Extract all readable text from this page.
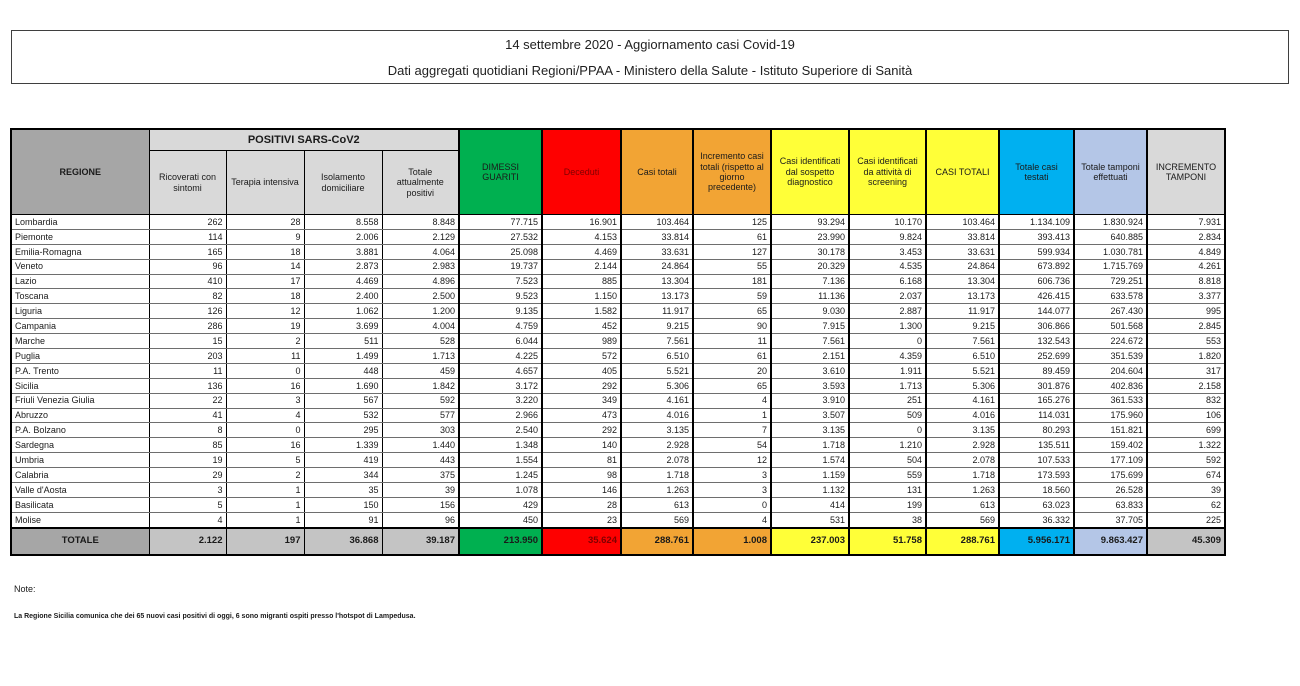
14 settembre 2020 - Aggiornamento casi Covid-19
Dati aggregati quotidiani Regioni/PPAA - Ministero della Salute - Istituto Superiore di Sanità
REGIONE	POSITIVI SARS-CoV2				DIMESSI GUARITI	Deceduti	Casi totali	Incremento casi totali (rispetto al giorno precedente)	Casi identificati dal sospetto diagnostico	Casi identificati da attività di screening	CASI TOTALI	Totale casi testati	Totale tamponi effettuati	INCREMENTO TAMPONI
	Ricoverati con sintomi	Terapia intensiva	Isolamento domiciliare	Totale attualmente positivi										
Lombardia	262	28	8.558	8.848	77.715	16.901	103.464	125	93.294	10.170	103.464	1.134.109	1.830.924	7.931
Piemonte	114	9	2.006	2.129	27.532	4.153	33.814	61	23.990	9.824	33.814	393.413	640.885	2.834
Emilia-Romagna	165	18	3.881	4.064	25.098	4.469	33.631	127	30.178	3.453	33.631	599.934	1.030.781	4.849
Veneto	96	14	2.873	2.983	19.737	2.144	24.864	55	20.329	4.535	24.864	673.892	1.715.769	4.261
Lazio	410	17	4.469	4.896	7.523	885	13.304	181	7.136	6.168	13.304	606.736	729.251	8.818
Toscana	82	18	2.400	2.500	9.523	1.150	13.173	59	11.136	2.037	13.173	426.415	633.578	3.377
Liguria	126	12	1.062	1.200	9.135	1.582	11.917	65	9.030	2.887	11.917	144.077	267.430	995
Campania	286	19	3.699	4.004	4.759	452	9.215	90	7.915	1.300	9.215	306.866	501.568	2.845
Marche	15	2	511	528	6.044	989	7.561	11	7.561	0	7.561	132.543	224.672	553
Puglia	203	11	1.499	1.713	4.225	572	6.510	61	2.151	4.359	6.510	252.699	351.539	1.820
P.A. Trento	11	0	448	459	4.657	405	5.521	20	3.610	1.911	5.521	89.459	204.604	317
Sicilia	136	16	1.690	1.842	3.172	292	5.306	65	3.593	1.713	5.306	301.876	402.836	2.158
Friuli Venezia Giulia	22	3	567	592	3.220	349	4.161	4	3.910	251	4.161	165.276	361.533	832
Abruzzo	41	4	532	577	2.966	473	4.016	1	3.507	509	4.016	114.031	175.960	106
P.A. Bolzano	8	0	295	303	2.540	292	3.135	7	3.135	0	3.135	80.293	151.821	699
Sardegna	85	16	1.339	1.440	1.348	140	2.928	54	1.718	1.210	2.928	135.511	159.402	1.322
Umbria	19	5	419	443	1.554	81	2.078	12	1.574	504	2.078	107.533	177.109	592
Calabria	29	2	344	375	1.245	98	1.718	3	1.159	559	1.718	173.593	175.699	674
Valle d'Aosta	3	1	35	39	1.078	146	1.263	3	1.132	131	1.263	18.560	26.528	39
Basilicata	5	1	150	156	429	28	613	0	414	199	613	63.023	63.833	62
Molise	4	1	91	96	450	23	569	4	531	38	569	36.332	37.705	225
TOTALE	2.122	197	36.868	39.187	213.950	35.624	288.761	1.008	237.003	51.758	288.761	5.956.171	9.863.427	45.309
Note:
La Regione Sicilia comunica che dei 65 nuovi casi positivi di oggi, 6 sono migranti ospiti presso l'hotspot di Lampedusa.
